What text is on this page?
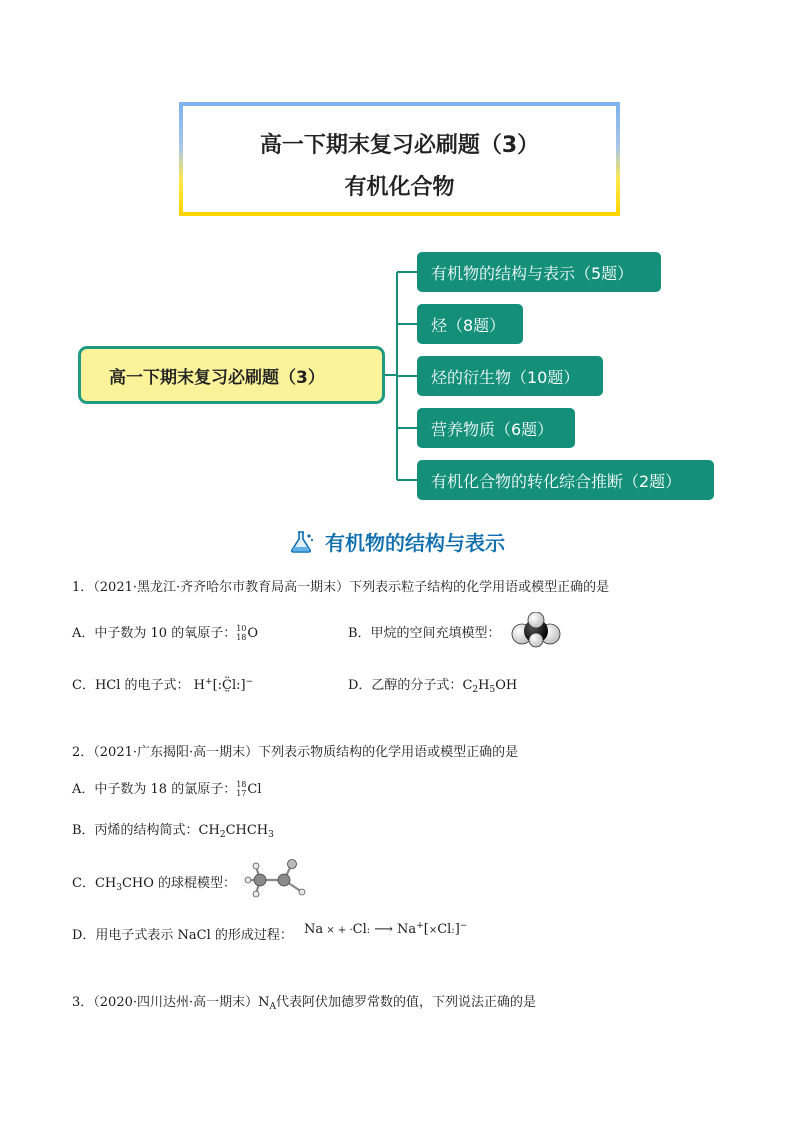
高一下期末复习必刷题（3）
有机化合物
高一下期末复习必刷题（3）
有机物的结构与表示（5题）
烃（8题）
烃的衍生物（10题）
营养物质（6题）
有机化合物的转化综合推断（2题）
有机物的结构与表示
1．（2021·黑龙江·齐齐哈尔市教育局高一期末）下列表示粒子结构的化学用语或模型正确的是
A．中子数为 10 的氧原子：10
18O	B．甲烷的空间充填模型：
C．HCl 的电子式： H+[:C̤̈l:]−	D．乙醇的分子式：$C_2H_5OH$
2．（2021·广东揭阳·高一期末）下列表示物质结构的化学用语或模型正确的是
A．中子数为 18 的氯原子：18
17Cl
B．丙烯的结构简式：$CH_2CHCH_3$
C．$CH_3CHO$ 的球棍模型：
D．用电子式表示 NaCl 的形成过程： Na × + ·Cl: ⟶ Na+[×Cl:]−
3．（2020·四川达州·高一期末）$N_A$代表阿伏加德罗常数的值，下列说法正确的是
